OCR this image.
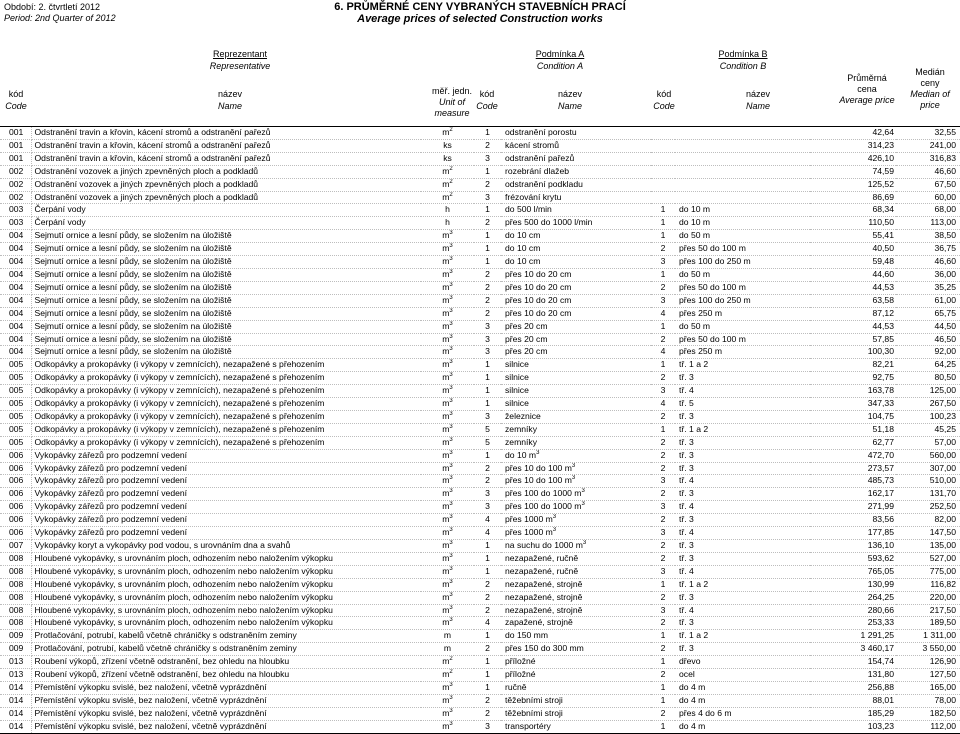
Období: 2. čtvrtletí 2012
Period: 2nd Quarter of 2012
6. PRŮMĚRNÉ CENY VYBRANÝCH STAVEBNÍCH PRACÍ
Average prices of selected Construction works
Reprezentant
Representative
Podmínka A
Condition A
Podmínka B
Condition B
kód
Code
název
Name
měř. jedn.
Unit of
measure
kód
Code
název
Name
kód
Code
název
Name
Průměrná
cena
Average price
Medián
ceny
Median of
price
001	Odstranění travin a křovin, kácení stromů a odstranění pařezů	$m^2$	1	odstranění porostu			42,64	32,55
001	Odstranění travin a křovin, kácení stromů a odstranění pařezů	ks	2	kácení stromů			314,23	241,00
001	Odstranění travin a křovin, kácení stromů a odstranění pařezů	ks	3	odstranění pařezů			426,10	316,83
002	Odstranění vozovek a jiných zpevněných ploch a podkladů	$m^2$	1	rozebrání dlažeb			74,59	46,60
002	Odstranění vozovek a jiných zpevněných ploch a podkladů	$m^2$	2	odstranění podkladu			125,52	67,50
002	Odstranění vozovek a jiných zpevněných ploch a podkladů	$m^2$	3	frézování krytu			86,69	60,00
003	Čerpání vody	h	1	do 500 l/min	1	do 10 m	68,34	68,00
003	Čerpání vody	h	2	přes 500 do 1000 l/min	1	do 10 m	110,50	113,00
004	Sejmutí ornice a lesní půdy, se složením na úložiště	$m^3$	1	do 10 cm	1	do 50 m	55,41	38,50
004	Sejmutí ornice a lesní půdy, se složením na úložiště	$m^3$	1	do 10 cm	2	přes 50 do 100 m	40,50	36,75
004	Sejmutí ornice a lesní půdy, se složením na úložiště	$m^3$	1	do 10 cm	3	přes 100 do 250 m	59,48	46,60
004	Sejmutí ornice a lesní půdy, se složením na úložiště	$m^3$	2	přes 10 do 20 cm	1	do 50 m	44,60	36,00
004	Sejmutí ornice a lesní půdy, se složením na úložiště	$m^3$	2	přes 10 do 20 cm	2	přes 50 do 100 m	44,53	35,25
004	Sejmutí ornice a lesní půdy, se složením na úložiště	$m^3$	2	přes 10 do 20 cm	3	přes 100 do 250 m	63,58	61,00
004	Sejmutí ornice a lesní půdy, se složením na úložiště	$m^3$	2	přes 10 do 20 cm	4	přes 250 m	87,12	65,75
004	Sejmutí ornice a lesní půdy, se složením na úložiště	$m^3$	3	přes 20 cm	1	do 50 m	44,53	44,50
004	Sejmutí ornice a lesní půdy, se složením na úložiště	$m^3$	3	přes 20 cm	2	přes 50 do 100 m	57,85	46,50
004	Sejmutí ornice a lesní půdy, se složením na úložiště	$m^3$	3	přes 20 cm	4	přes 250 m	100,30	92,00
005	Odkopávky a prokopávky (i výkopy v zemnících), nezapažené s přehozením	$m^3$	1	silnice	1	tř. 1 a 2	82,21	64,25
005	Odkopávky a prokopávky (i výkopy v zemnících), nezapažené s přehozením	$m^3$	1	silnice	2	tř. 3	92,75	80,50
005	Odkopávky a prokopávky (i výkopy v zemnících), nezapažené s přehozením	$m^3$	1	silnice	3	tř. 4	163,78	125,00
005	Odkopávky a prokopávky (i výkopy v zemnících), nezapažené s přehozením	$m^3$	1	silnice	4	tř. 5	347,33	267,50
005	Odkopávky a prokopávky (i výkopy v zemnících), nezapažené s přehozením	$m^3$	3	železnice	2	tř. 3	104,75	100,23
005	Odkopávky a prokopávky (i výkopy v zemnících), nezapažené s přehozením	$m^3$	5	zemníky	1	tř. 1 a 2	51,18	45,25
005	Odkopávky a prokopávky (i výkopy v zemnících), nezapažené s přehozením	$m^3$	5	zemníky	2	tř. 3	62,77	57,00
006	Vykopávky zářezů pro podzemní vedení	$m^3$	1	do 10 $m^3$	2	tř. 3	472,70	560,00
006	Vykopávky zářezů pro podzemní vedení	$m^3$	2	přes 10 do 100 $m^3$	2	tř. 3	273,57	307,00
006	Vykopávky zářezů pro podzemní vedení	$m^3$	2	přes 10 do 100 $m^3$	3	tř. 4	485,73	510,00
006	Vykopávky zářezů pro podzemní vedení	$m^3$	3	přes 100 do 1000 $m^3$	2	tř. 3	162,17	131,70
006	Vykopávky zářezů pro podzemní vedení	$m^3$	3	přes 100 do 1000 $m^3$	3	tř. 4	271,99	252,50
006	Vykopávky zářezů pro podzemní vedení	$m^3$	4	přes 1000 $m^3$	2	tř. 3	83,56	82,00
006	Vykopávky zářezů pro podzemní vedení	$m^3$	4	přes 1000 $m^3$	3	tř. 4	177,85	147,50
007	Vykopávky koryt a vykopávky pod vodou, s urovnáním dna a svahů	$m^3$	1	na suchu do 1000 $m^3$	2	tř. 3	136,10	135,00
008	Hloubené vykopávky, s urovnáním ploch, odhozením nebo naložením výkopku	$m^3$	1	nezapažené, ručně	2	tř. 3	593,62	527,00
008	Hloubené vykopávky, s urovnáním ploch, odhozením nebo naložením výkopku	$m^3$	1	nezapažené, ručně	3	tř. 4	765,05	775,00
008	Hloubené vykopávky, s urovnáním ploch, odhozením nebo naložením výkopku	$m^3$	2	nezapažené, strojně	1	tř. 1 a 2	130,99	116,82
008	Hloubené vykopávky, s urovnáním ploch, odhozením nebo naložením výkopku	$m^3$	2	nezapažené, strojně	2	tř. 3	264,25	220,00
008	Hloubené vykopávky, s urovnáním ploch, odhozením nebo naložením výkopku	$m^3$	2	nezapažené, strojně	3	tř. 4	280,66	217,50
008	Hloubené vykopávky, s urovnáním ploch, odhozením nebo naložením výkopku	$m^3$	4	zapažené, strojně	2	tř. 3	253,33	189,50
009	Protlačování, potrubí, kabelů včetně chráničky s odstraněním zeminy	m	1	do 150 mm	1	tř. 1 a 2	1 291,25	1 311,00
009	Protlačování, potrubí, kabelů včetně chráničky s odstraněním zeminy	m	2	přes 150 do 300 mm	2	tř. 3	3 460,17	3 550,00
013	Roubení výkopů, zřízení včetně odstranění, bez ohledu na hloubku	$m^2$	1	příložné	1	dřevo	154,74	126,90
013	Roubení výkopů, zřízení včetně odstranění, bez ohledu na hloubku	$m^2$	1	příložné	2	ocel	131,80	127,50
014	Přemístění výkopku svislé, bez naložení, včetně vyprázdnění	$m^3$	1	ručně	1	do 4 m	256,88	165,00
014	Přemístění výkopku svislé, bez naložení, včetně vyprázdnění	$m^3$	2	těžebními stroji	1	do 4 m	88,01	78,00
014	Přemístění výkopku svislé, bez naložení, včetně vyprázdnění	$m^3$	2	těžebními stroji	2	přes 4 do 6 m	185,29	182,50
014	Přemístění výkopku svislé, bez naložení, včetně vyprázdnění	$m^3$	3	transportéry	1	do 4 m	103,23	112,00
